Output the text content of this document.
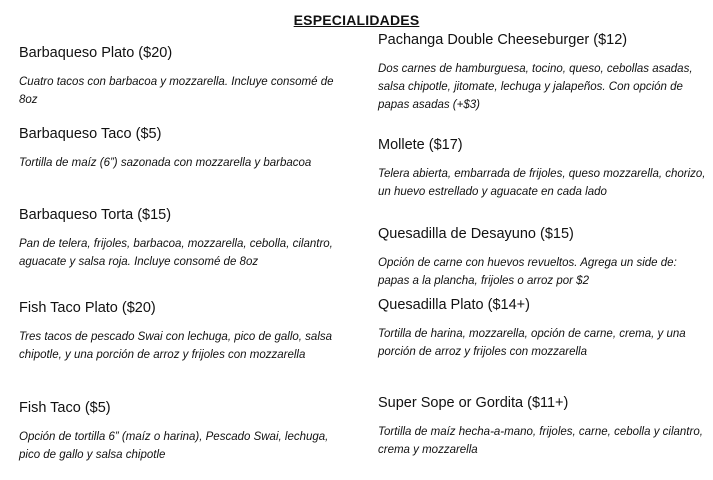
ESPECIALIDADES
Barbaqueso Plato ($20)
Cuatro tacos con barbacoa y mozzarella. Incluye consomé de 8oz
Barbaqueso Taco ($5)
Tortilla de maíz (6”) sazonada con mozzarella y barbacoa
Barbaqueso Torta ($15)
Pan de telera, frijoles, barbacoa, mozzarella, cebolla, cilantro, aguacate y salsa roja. Incluye consomé de 8oz
Fish Taco Plato ($20)
Tres tacos de pescado Swai con lechuga, pico de gallo, salsa chipotle, y una porción de arroz y frijoles con mozzarella
Fish Taco ($5)
Opción de tortilla 6” (maíz o harina), Pescado Swai, lechuga, pico de gallo y salsa chipotle
Pachanga Double Cheeseburger ($12)
Dos carnes de hamburguesa, tocino, queso, cebollas asadas, salsa chipotle, jitomate, lechuga y jalapeños. Con opción de papas asadas (+$3)
Mollete ($17)
Telera abierta, embarrada de frijoles, queso mozzarella, chorizo, un huevo estrellado y aguacate en cada lado
Quesadilla de Desayuno ($15)
Opción de carne con huevos revueltos. Agrega un side de: papas a la plancha, frijoles o arroz por $2
Quesadilla Plato ($14+)
Tortilla de harina, mozzarella, opción de carne, crema, y una porción de arroz y frijoles con mozzarella
Super Sope or Gordita ($11+)
Tortilla de maíz hecha-a-mano, frijoles, carne, cebolla y cilantro, crema y mozzarella
